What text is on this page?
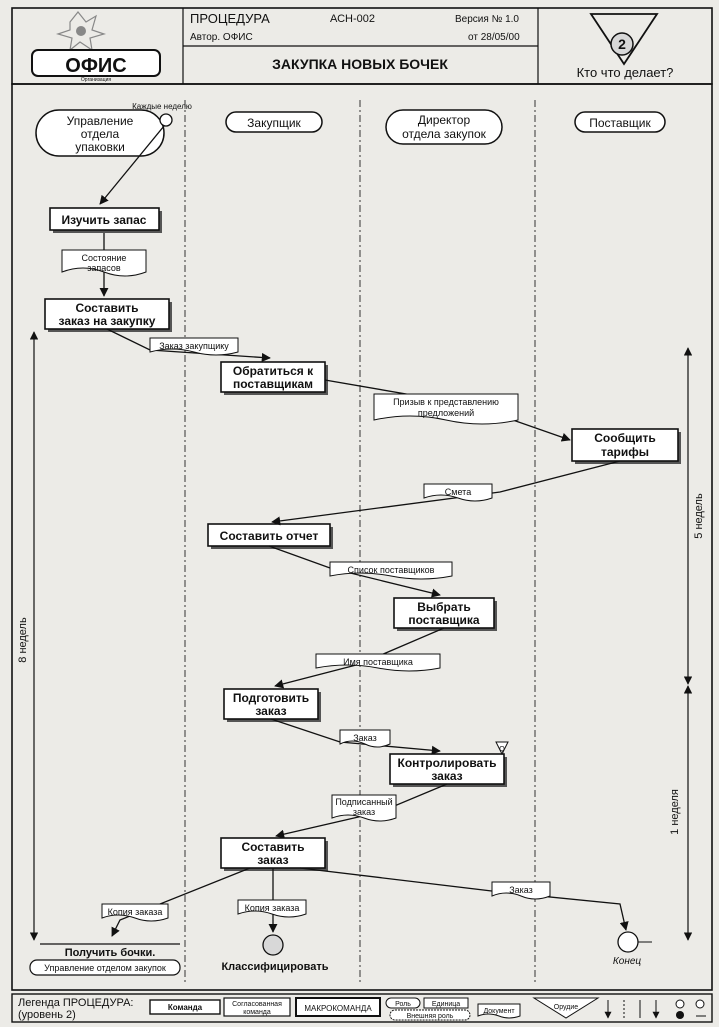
ОФИС
Организация
ПРОЦЕДУРА	АСН-002	Версия № 1.0
Автор. ОФИС	от 28/05/00
ЗАКУПКА НОВЫХ БОЧЕК
2
Кто что делает?
Управление
отдела
упаковки
Закупщик	Директор
отдела закупок
Поставщик
Каждые неделю
Изучить запас
Составить
заказ на закупку
Обратиться к
поставщикам
Сообщить
тарифы
Составить отчет
Выбрать
поставщика
Подготовить
заказ
Контролировать
заказ
Q
Составить
заказ
Состояние
запасов
Заказ закупщику
Призыв к представлению
предложений
Смета
Список поставщиков
Имя поставщика
Заказ
Подписанный
заказ
Копия заказа	Копия заказа
Заказ
Получить бочки.
Управление отделом закупок	Классифицировать	Конец
8 недель
5 недель
1 неделя
Легенда ПРОЦЕДУРА:
(уровень 2)
Команда	Согласованная
команда	МАКРОКОМАНДА	Роль	Единица
Внешняя роль
Документ
Орудие
